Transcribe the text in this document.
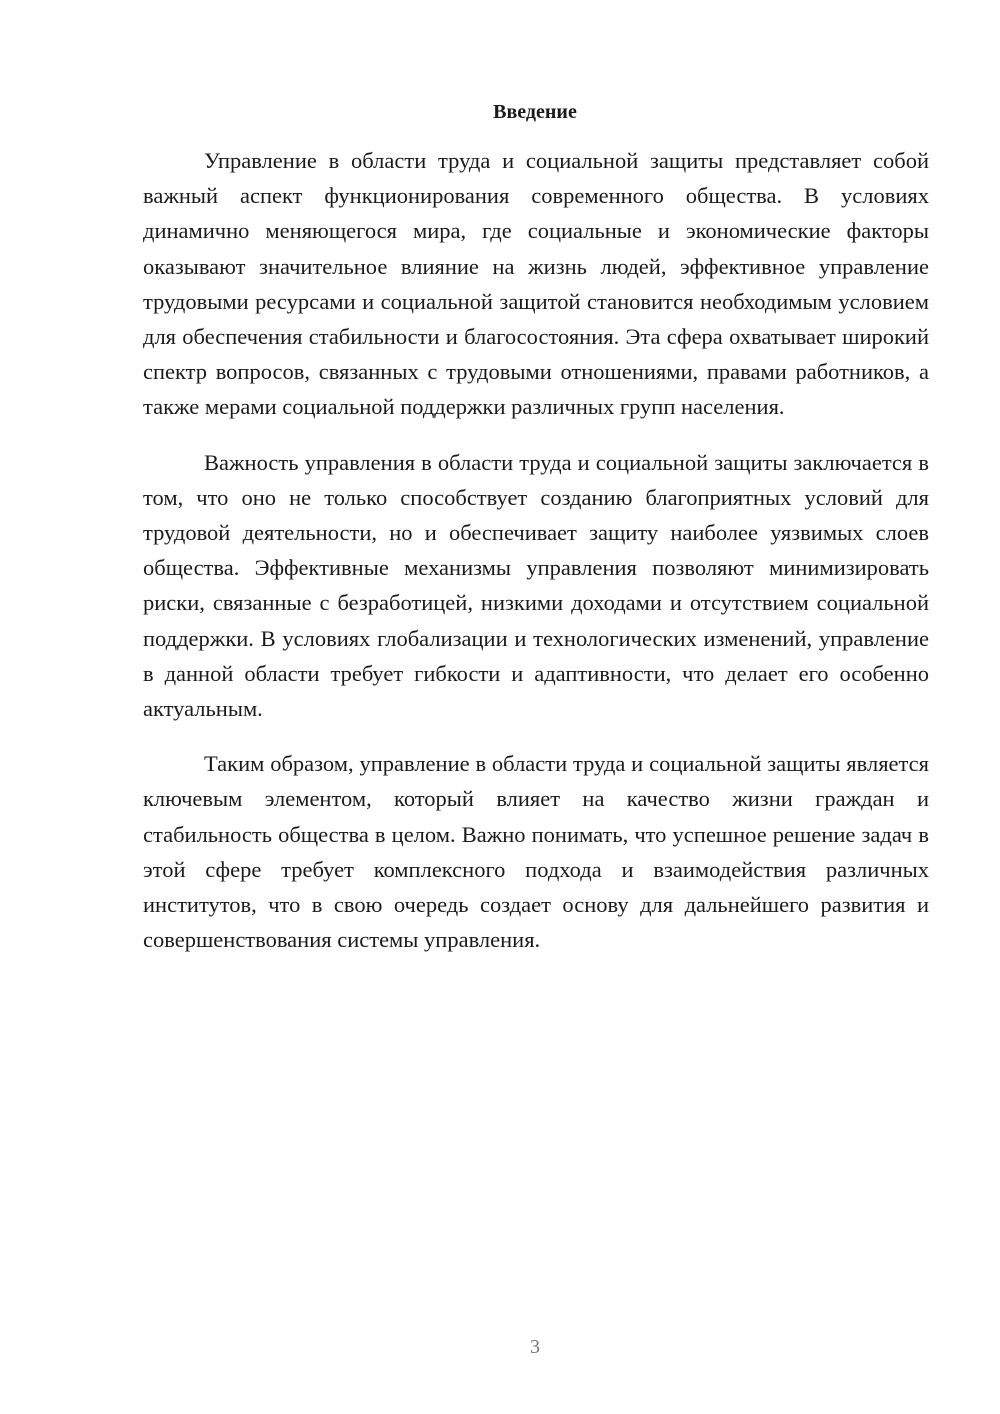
Введение

Управление в области труда и социальной защиты представляет собой важный аспект функционирования современного общества. В условиях динамично меняющегося мира, где социальные и экономические факторы оказывают значительное влияние на жизнь людей, эффективное управление трудовыми ресурсами и социальной защитой становится необходимым условием для обеспечения стабильности и благосостояния. Эта сфера охватывает широкий спектр вопросов, связанных с трудовыми отношениями, правами работников, а также мерами социальной поддержки различных групп населения.

Важность управления в области труда и социальной защиты заключается в том, что оно не только способствует созданию благоприятных условий для трудовой деятельности, но и обеспечивает защиту наиболее уязвимых слоев общества. Эффективные механизмы управления позволяют минимизировать риски, связанные с безработицей, низкими доходами и отсутствием социальной поддержки. В условиях глобализации и технологических изменений, управление в данной области требует гибкости и адаптивности, что делает его особенно актуальным.

Таким образом, управление в области труда и социальной защиты является ключевым элементом, который влияет на качество жизни граждан и стабильность общества в целом. Важно понимать, что успешное решение задач в этой сфере требует комплексного подхода и взаимодействия различных институтов, что в свою очередь создает основу для дальнейшего развития и совершенствования системы управления.

3
